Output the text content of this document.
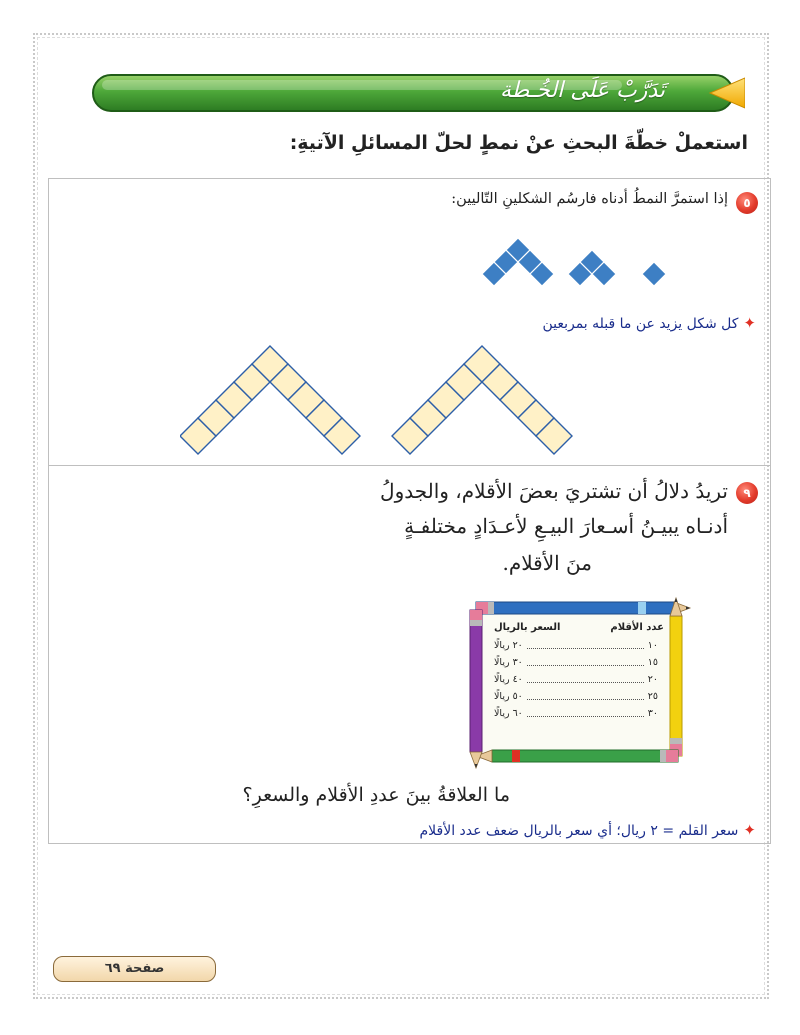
تَدَرَّبْ عَلَى الخُـطة
استعملْ خطّةَ البحثِ عنْ نمطٍ لحلّ المسائلِ الآتيةِ:
٥
إذا استمرَّ النمطُ أدناه فارسُم الشكلينِ التّاليين:
✦كل شكل يزيد عن ما قبله بمربعين
٩
تريدُ دلالُ أن تشتريَ بعضَ الأقلام، والجدولُ
أدنـاه يبيـنُ أسـعارَ البيـعِ لأعـدَادٍ مختلفـةٍ
منَ الأقلام.
عدد الأقلام
السعر بالريال
١٠
٢٠ ريالًا
١٥
٣٠ ريالًا
٢٠
٤٠ ريالًا
٢٥
٥٠ ريالًا
٣٠
٦٠ ريالًا
ما العلاقةُ بينَ عددِ الأقلام والسعرِ؟
✦سعر القلم = ٢ ريال؛ أي سعر بالريال ضعف عدد الأقلام
صفحة ٦٩
